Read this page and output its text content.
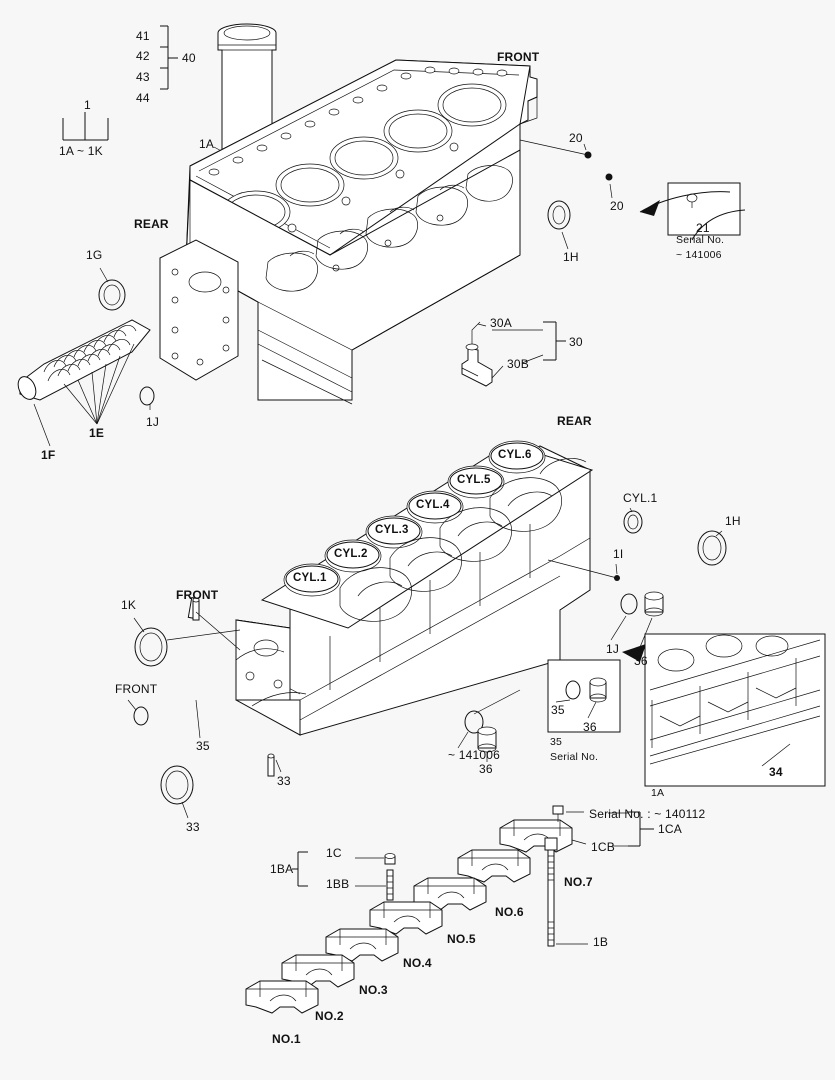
41
42
43
44
40
1
1A ~ 1K	1A
FRONT
REAR
20
20
21
Serial No.
~ 141006
1H
1G
1J
1E
1F
30A
30B
30
REAR
CYL.6
CYL.5
CYL.4
CYL.3
CYL.2
CYL.1
CYL.1
1H
1I
1K
FRONT
FRONT
1J
36
35
36
35
Serial No.
~ 141006
36
35
33
33
34
1A
Serial No. : ~ 140112
1CB
1CA
1C
1BB
1BA
1B
NO.7
NO.6
NO.5
NO.4
NO.3
NO.2
NO.1
